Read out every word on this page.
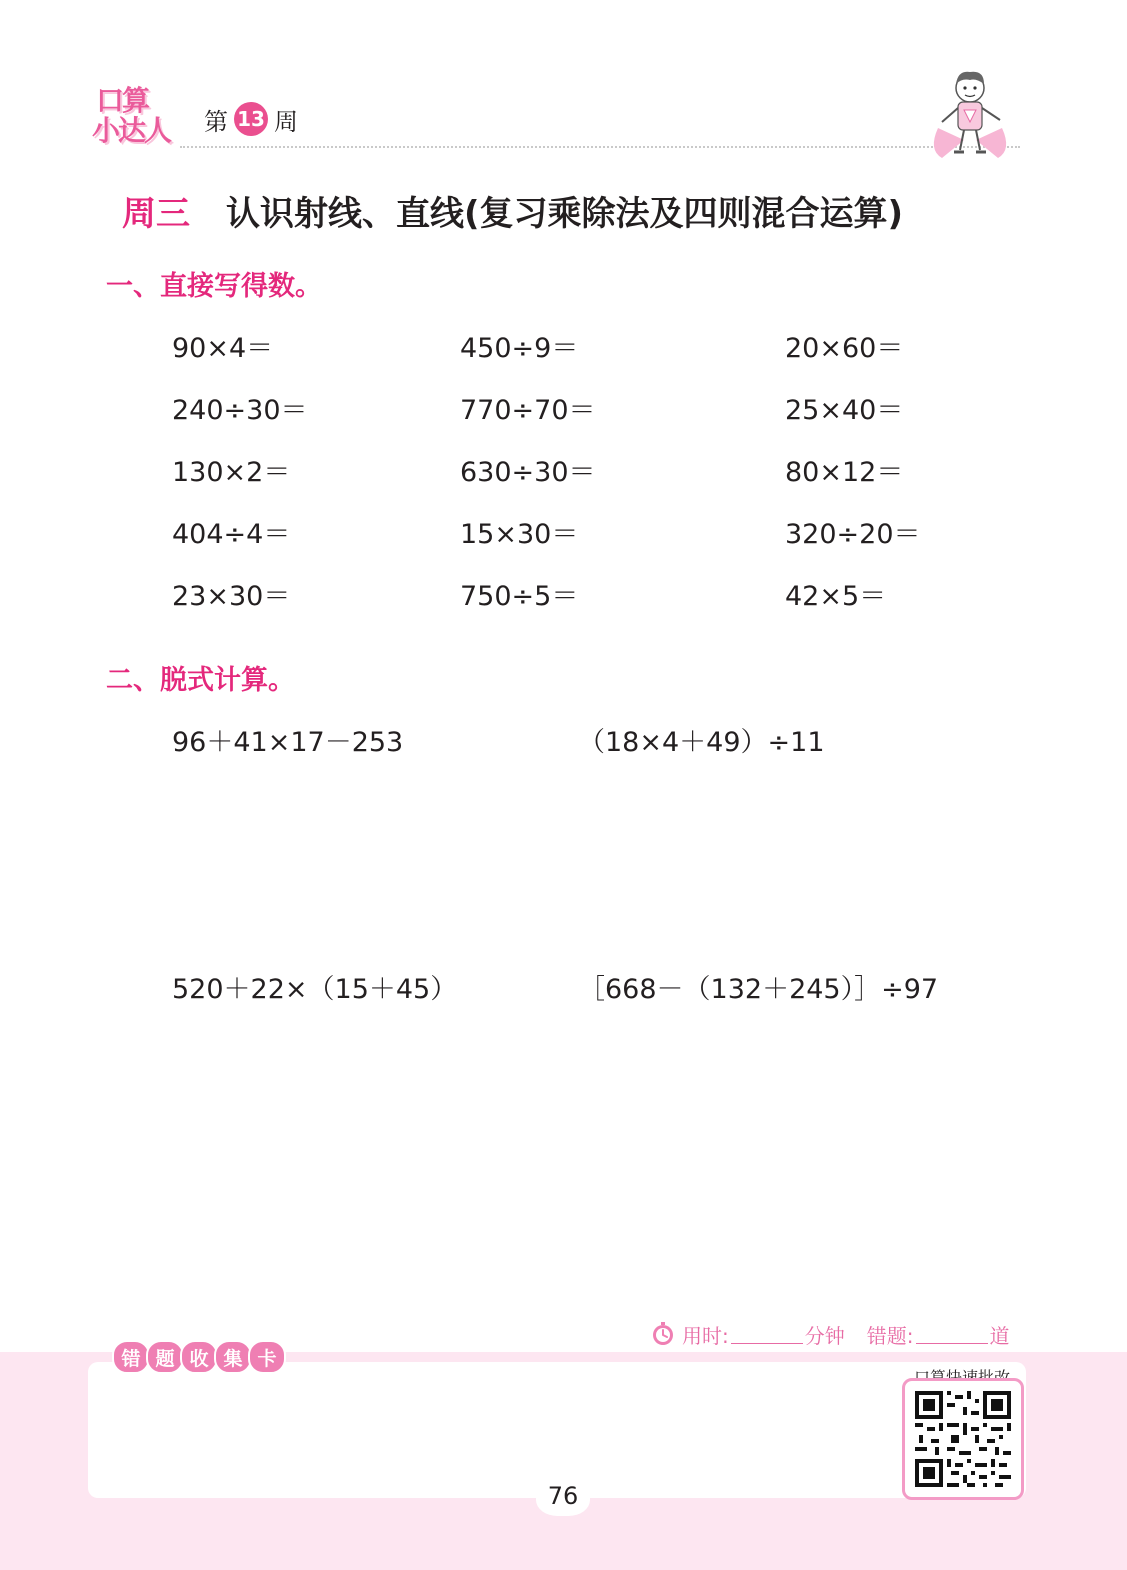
口算
小达人 第 13 周
周三 认识射线、直线(复习乘除法及四则混合运算)
一、直接写得数。
90×4＝	450÷9＝	20×60＝
240÷30＝	770÷70＝	25×40＝
130×2＝	630÷30＝	80×12＝
404÷4＝	15×30＝	320÷20＝
23×30＝	750÷5＝	42×5＝
二、脱式计算。
96＋41×17－253	（18×4＋49）÷11
520＋22×（15＋45）	［668－（132＋245）］÷97
用时:	分钟 错题:	道
错 题 收 集 卡
76
